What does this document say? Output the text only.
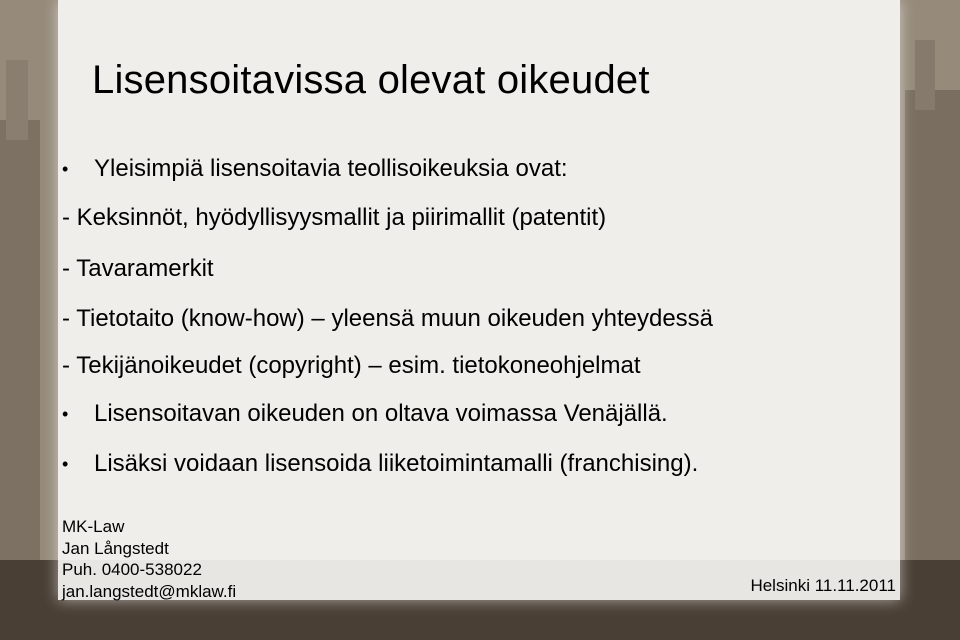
Lisensoitavissa olevat oikeudet
•	Yleisimpiä lisensoitavia teollisoikeuksia ovat:
- Keksinnöt, hyödyllisyysmallit ja piirimallit (patentit)
- Tavaramerkit
- Tietotaito (know-how) – yleensä muun oikeuden yhteydessä
- Tekijänoikeudet (copyright) – esim. tietokoneohjelmat
•	Lisensoitavan oikeuden on oltava voimassa Venäjällä.
•	Lisäksi voidaan lisensoida liiketoimintamalli (franchising).
MK-Law
Jan Långstedt
Puh. 0400-538022
jan.langstedt@mklaw.fi	Helsinki 11.11.2011
